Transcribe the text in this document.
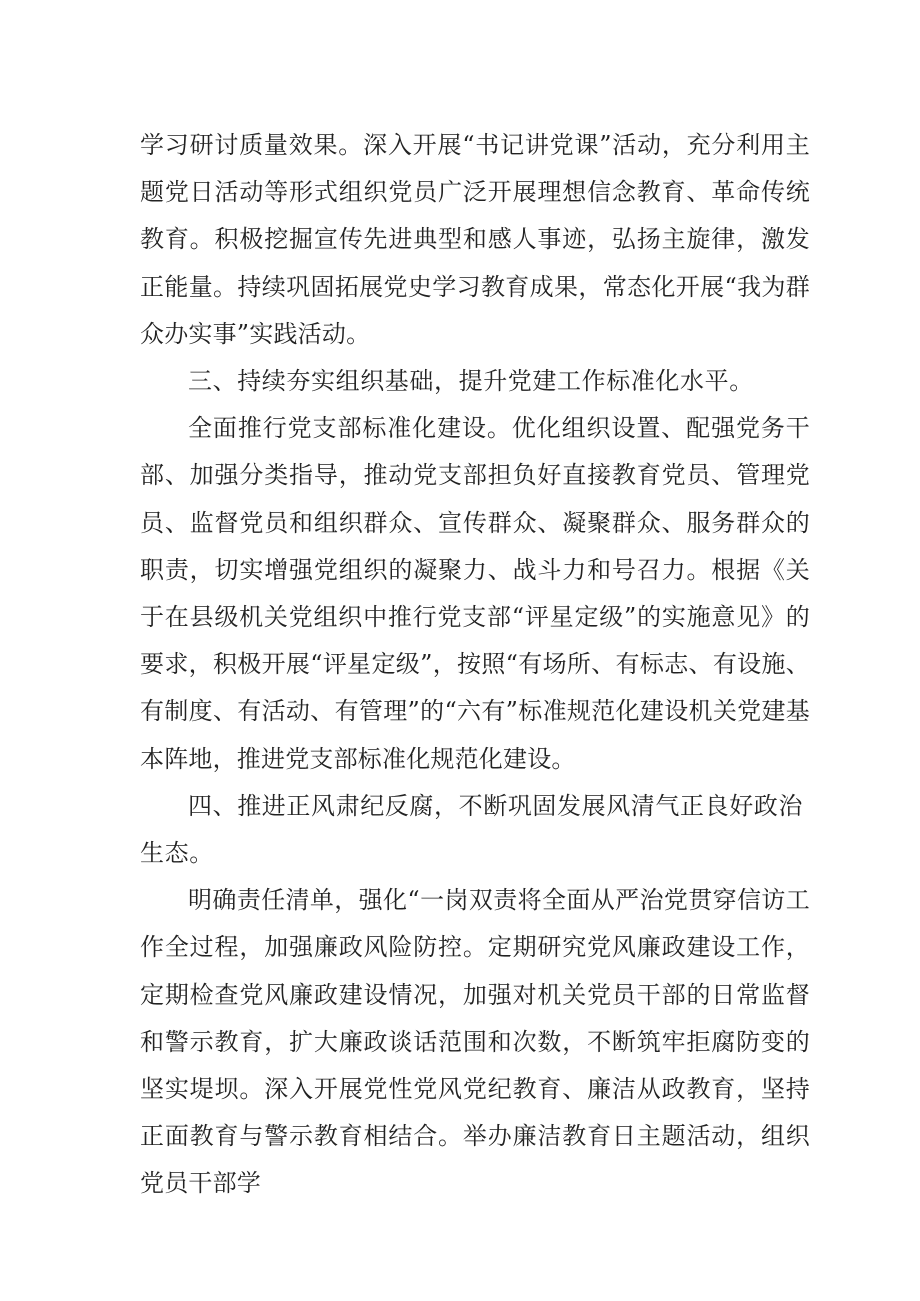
学习研讨质量效果。深入开展“书记讲党课”活动，充分利用主题党日活动等形式组织党员广泛开展理想信念教育、革命传统教育。积极挖掘宣传先进典型和感人事迹，弘扬主旋律，激发正能量。持续巩固拓展党史学习教育成果，常态化开展“我为群众办实事”实践活动。

三、持续夯实组织基础，提升党建工作标准化水平。

全面推行党支部标准化建设。优化组织设置、配强党务干部、加强分类指导，推动党支部担负好直接教育党员、管理党员、监督党员和组织群众、宣传群众、凝聚群众、服务群众的职责，切实增强党组织的凝聚力、战斗力和号召力。根据《关于在县级机关党组织中推行党支部“评星定级”的实施意见》的要求，积极开展“评星定级”，按照“有场所、有标志、有设施、有制度、有活动、有管理”的“六有”标准规范化建设机关党建基本阵地，推进党支部标准化规范化建设。

四、推进正风肃纪反腐，不断巩固发展风清气正良好政治生态。

明确责任清单，强化“一岗双责将全面从严治党贯穿信访工作全过程，加强廉政风险防控。定期研究党风廉政建设工作，定期检查党风廉政建设情况，加强对机关党员干部的日常监督和警示教育，扩大廉政谈话范围和次数，不断筑牢拒腐防变的坚实堤坝。深入开展党性党风党纪教育、廉洁从政教育，坚持正面教育与警示教育相结合。举办廉洁教育日主题活动，组织党员干部学
